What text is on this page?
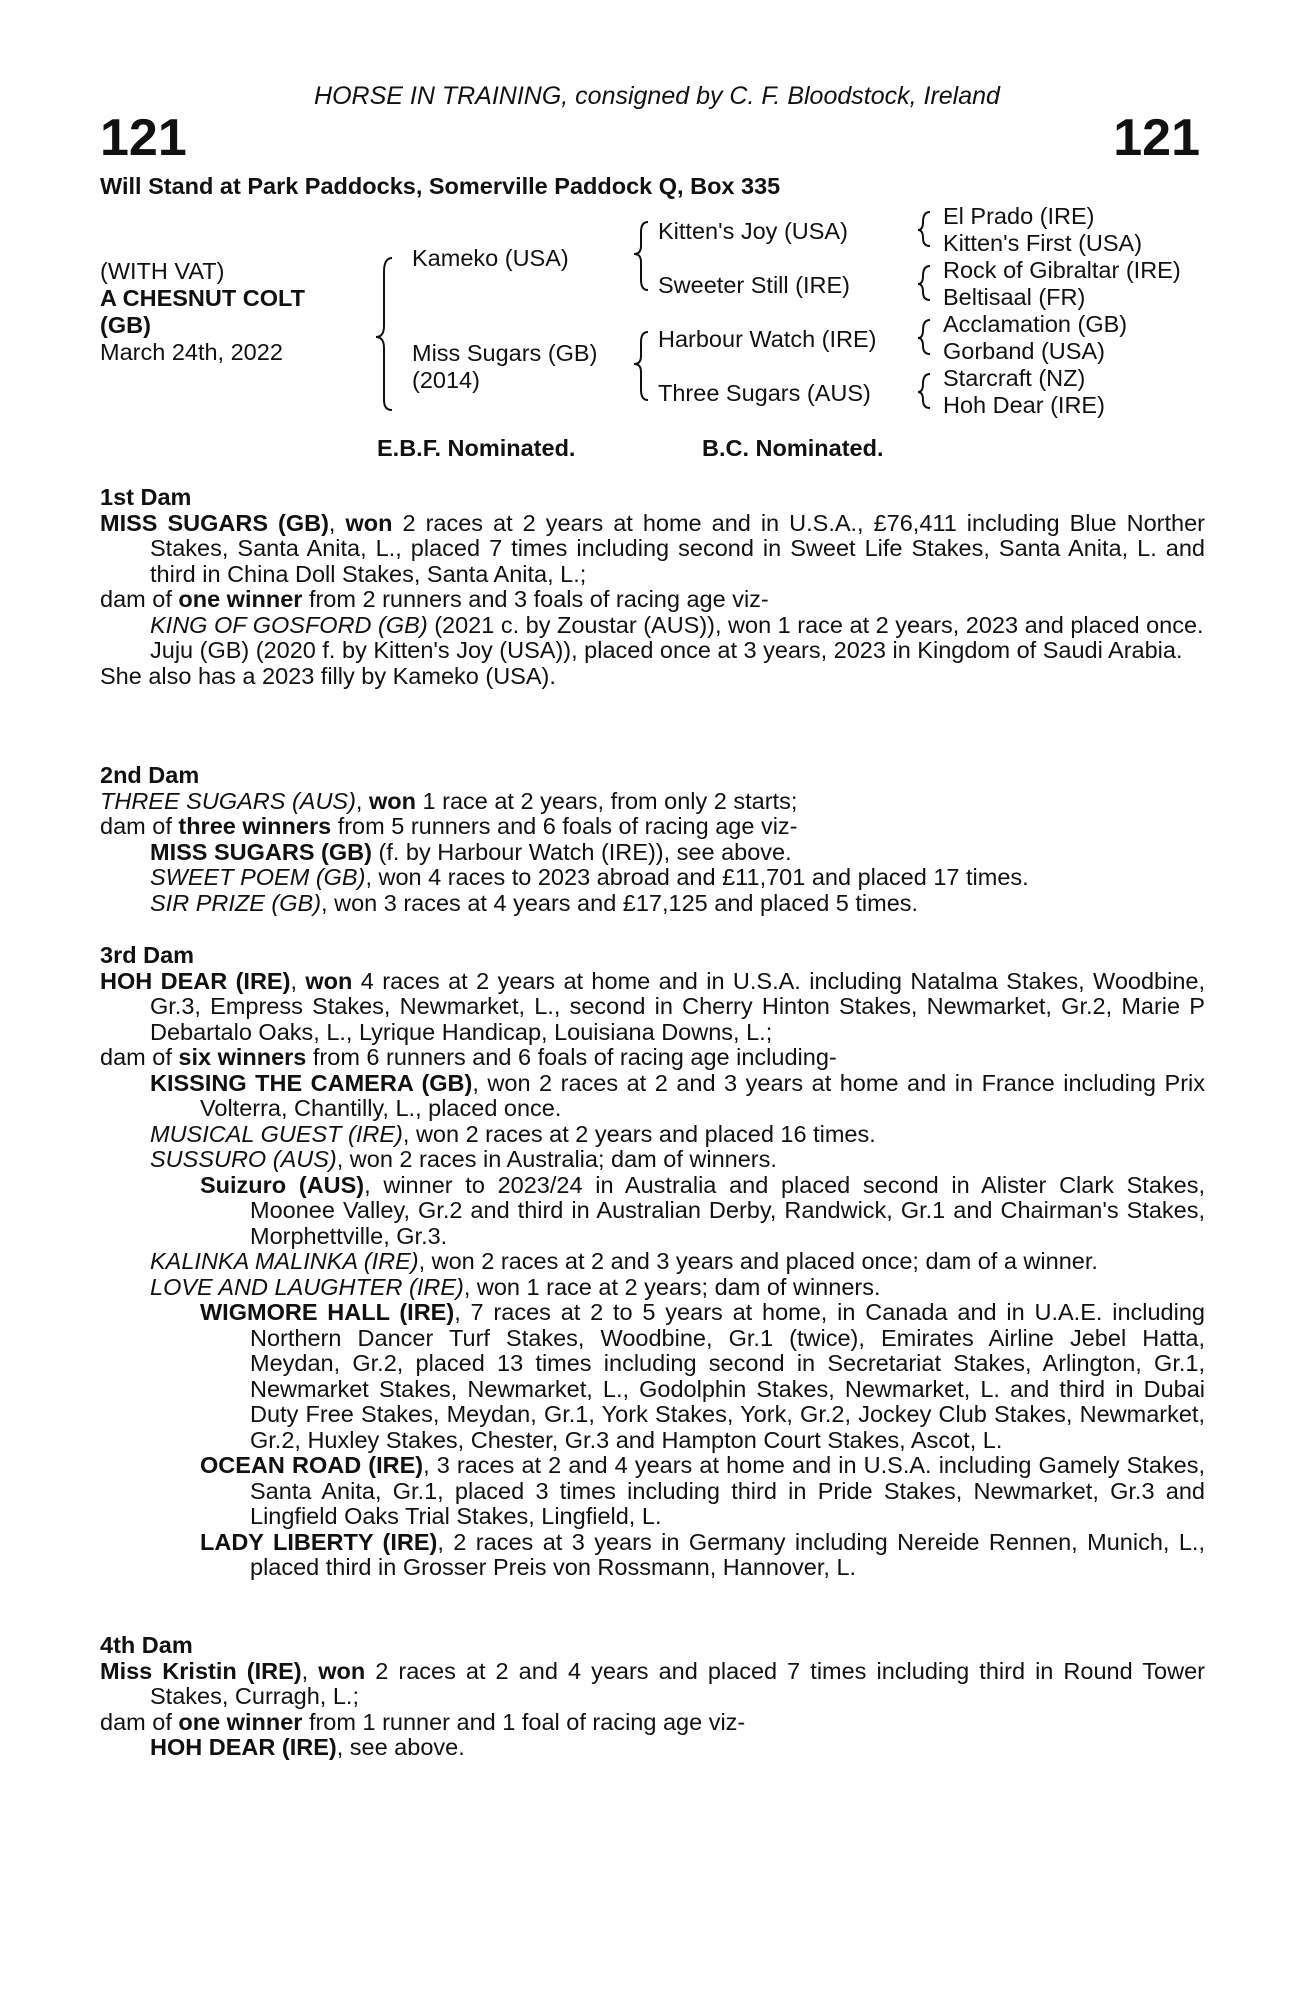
HORSE IN TRAINING, consigned by C. F. Bloodstock, Ireland
121	121
Will Stand at Park Paddocks, Somerville Paddock Q, Box 335
(WITH VAT)
A CHESNUT COLT
(GB)
March 24th, 2022
Kameko (USA)
Miss Sugars (GB)
(2014)
Kitten's Joy (USA)
Sweeter Still (IRE)
Harbour Watch (IRE)
Three Sugars (AUS)
El Prado (IRE)
Kitten's First (USA)
Rock of Gibraltar (IRE)
Beltisaal (FR)
Acclamation (GB)
Gorband (USA)
Starcraft (NZ)
Hoh Dear (IRE)
E.B.F. Nominated.	B.C. Nominated.

1st Dam

MISS SUGARS (GB), won 2 races at 2 years at home and in U.S.A., £76,411 including Blue Norther Stakes, Santa Anita, L., placed 7 times including second in Sweet Life Stakes, Santa Anita, L. and third in China Doll Stakes, Santa Anita, L.;

dam of one winner from 2 runners and 3 foals of racing age viz-

KING OF GOSFORD (GB) (2021 c. by Zoustar (AUS)), won 1 race at 2 years, 2023 and placed once.

Juju (GB) (2020 f. by Kitten's Joy (USA)), placed once at 3 years, 2023 in Kingdom of Saudi Arabia.

She also has a 2023 filly by Kameko (USA).

2nd Dam

THREE SUGARS (AUS), won 1 race at 2 years, from only 2 starts;

dam of three winners from 5 runners and 6 foals of racing age viz-

MISS SUGARS (GB) (f. by Harbour Watch (IRE)), see above.

SWEET POEM (GB), won 4 races to 2023 abroad and £11,701 and placed 17 times.

SIR PRIZE (GB), won 3 races at 4 years and £17,125 and placed 5 times.

3rd Dam

HOH DEAR (IRE), won 4 races at 2 years at home and in U.S.A. including Natalma Stakes, Woodbine, Gr.3, Empress Stakes, Newmarket, L., second in Cherry Hinton Stakes, Newmarket, Gr.2, Marie P Debartalo Oaks, L., Lyrique Handicap, Louisiana Downs, L.;

dam of six winners from 6 runners and 6 foals of racing age including-

KISSING THE CAMERA (GB), won 2 races at 2 and 3 years at home and in France including Prix Volterra, Chantilly, L., placed once.

MUSICAL GUEST (IRE), won 2 races at 2 years and placed 16 times.

SUSSURO (AUS), won 2 races in Australia; dam of winners.

Suizuro (AUS), winner to 2023/24 in Australia and placed second in Alister Clark Stakes, Moonee Valley, Gr.2 and third in Australian Derby, Randwick, Gr.1 and Chairman's Stakes, Morphettville, Gr.3.

KALINKA MALINKA (IRE), won 2 races at 2 and 3 years and placed once; dam of a winner.

LOVE AND LAUGHTER (IRE), won 1 race at 2 years; dam of winners.

WIGMORE HALL (IRE), 7 races at 2 to 5 years at home, in Canada and in U.A.E. including Northern Dancer Turf Stakes, Woodbine, Gr.1 (twice), Emirates Airline Jebel Hatta, Meydan, Gr.2, placed 13 times including second in Secretariat Stakes, Arlington, Gr.1, Newmarket Stakes, Newmarket, L., Godolphin Stakes, Newmarket, L. and third in Dubai Duty Free Stakes, Meydan, Gr.1, York Stakes, York, Gr.2, Jockey Club Stakes, Newmarket, Gr.2, Huxley Stakes, Chester, Gr.3 and Hampton Court Stakes, Ascot, L.

OCEAN ROAD (IRE), 3 races at 2 and 4 years at home and in U.S.A. including Gamely Stakes, Santa Anita, Gr.1, placed 3 times including third in Pride Stakes, Newmarket, Gr.3 and Lingfield Oaks Trial Stakes, Lingfield, L.

LADY LIBERTY (IRE), 2 races at 3 years in Germany including Nereide Rennen, Munich, L., placed third in Grosser Preis von Rossmann, Hannover, L.

4th Dam

Miss Kristin (IRE), won 2 races at 2 and 4 years and placed 7 times including third in Round Tower Stakes, Curragh, L.;

dam of one winner from 1 runner and 1 foal of racing age viz-

HOH DEAR (IRE), see above.
